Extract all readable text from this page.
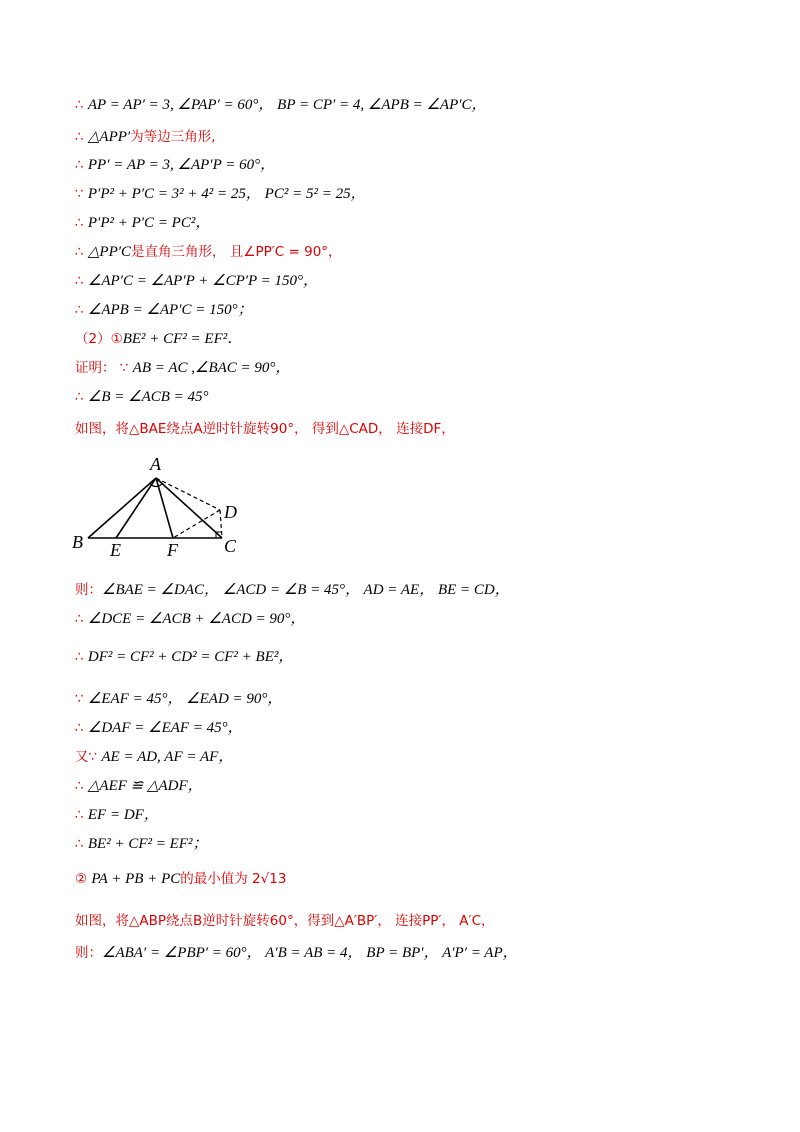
∴ AP = AP′ = 3, ∠PAP′ = 60°， BP = CP′ = 4, ∠APB = ∠AP′C，
∴ △APP′为等边三角形,
∴ PP′ = AP = 3, ∠AP′P = 60°，
∵ P′P² + P′C = 3² + 4² = 25， PC² = 5² = 25，
∴ P′P² + P′C = PC²，
∴ △PP′C是直角三角形， 且∠PP′C = 90°，
∴ ∠AP′C = ∠AP′P + ∠CP′P = 150°，
∴ ∠APB = ∠AP′C = 150°；
（2）①BE² + CF² = EF²．
证明： ∵ AB = AC ,∠BAC = 90°，
∴ ∠B = ∠ACB = 45°
如图，将△BAE绕点A逆时针旋转90°， 得到△CAD， 连接DF，
A
B	C
D
E	F
则：∠BAE = ∠DAC， ∠ACD = ∠B = 45°， AD = AE， BE = CD，
∴ ∠DCE = ∠ACB + ∠ACD = 90°，
∴ DF² = CF² + CD² = CF² + BE²，
∵ ∠EAF = 45°， ∠EAD = 90°，
∴ ∠DAF = ∠EAF = 45°，
又∵ AE = AD, AF = AF，
∴ △AEF ≌ △ADF，
∴ EF = DF，
∴ BE² + CF² = EF²；
② PA + PB + PC的最小值为 2√13
如图，将△ABP绕点B逆时针旋转60°，得到△A′BP′， 连接PP′， A′C，
则：∠ABA′ = ∠PBP′ = 60°， A′B = AB = 4， BP = BP′， A′P′ = AP，
